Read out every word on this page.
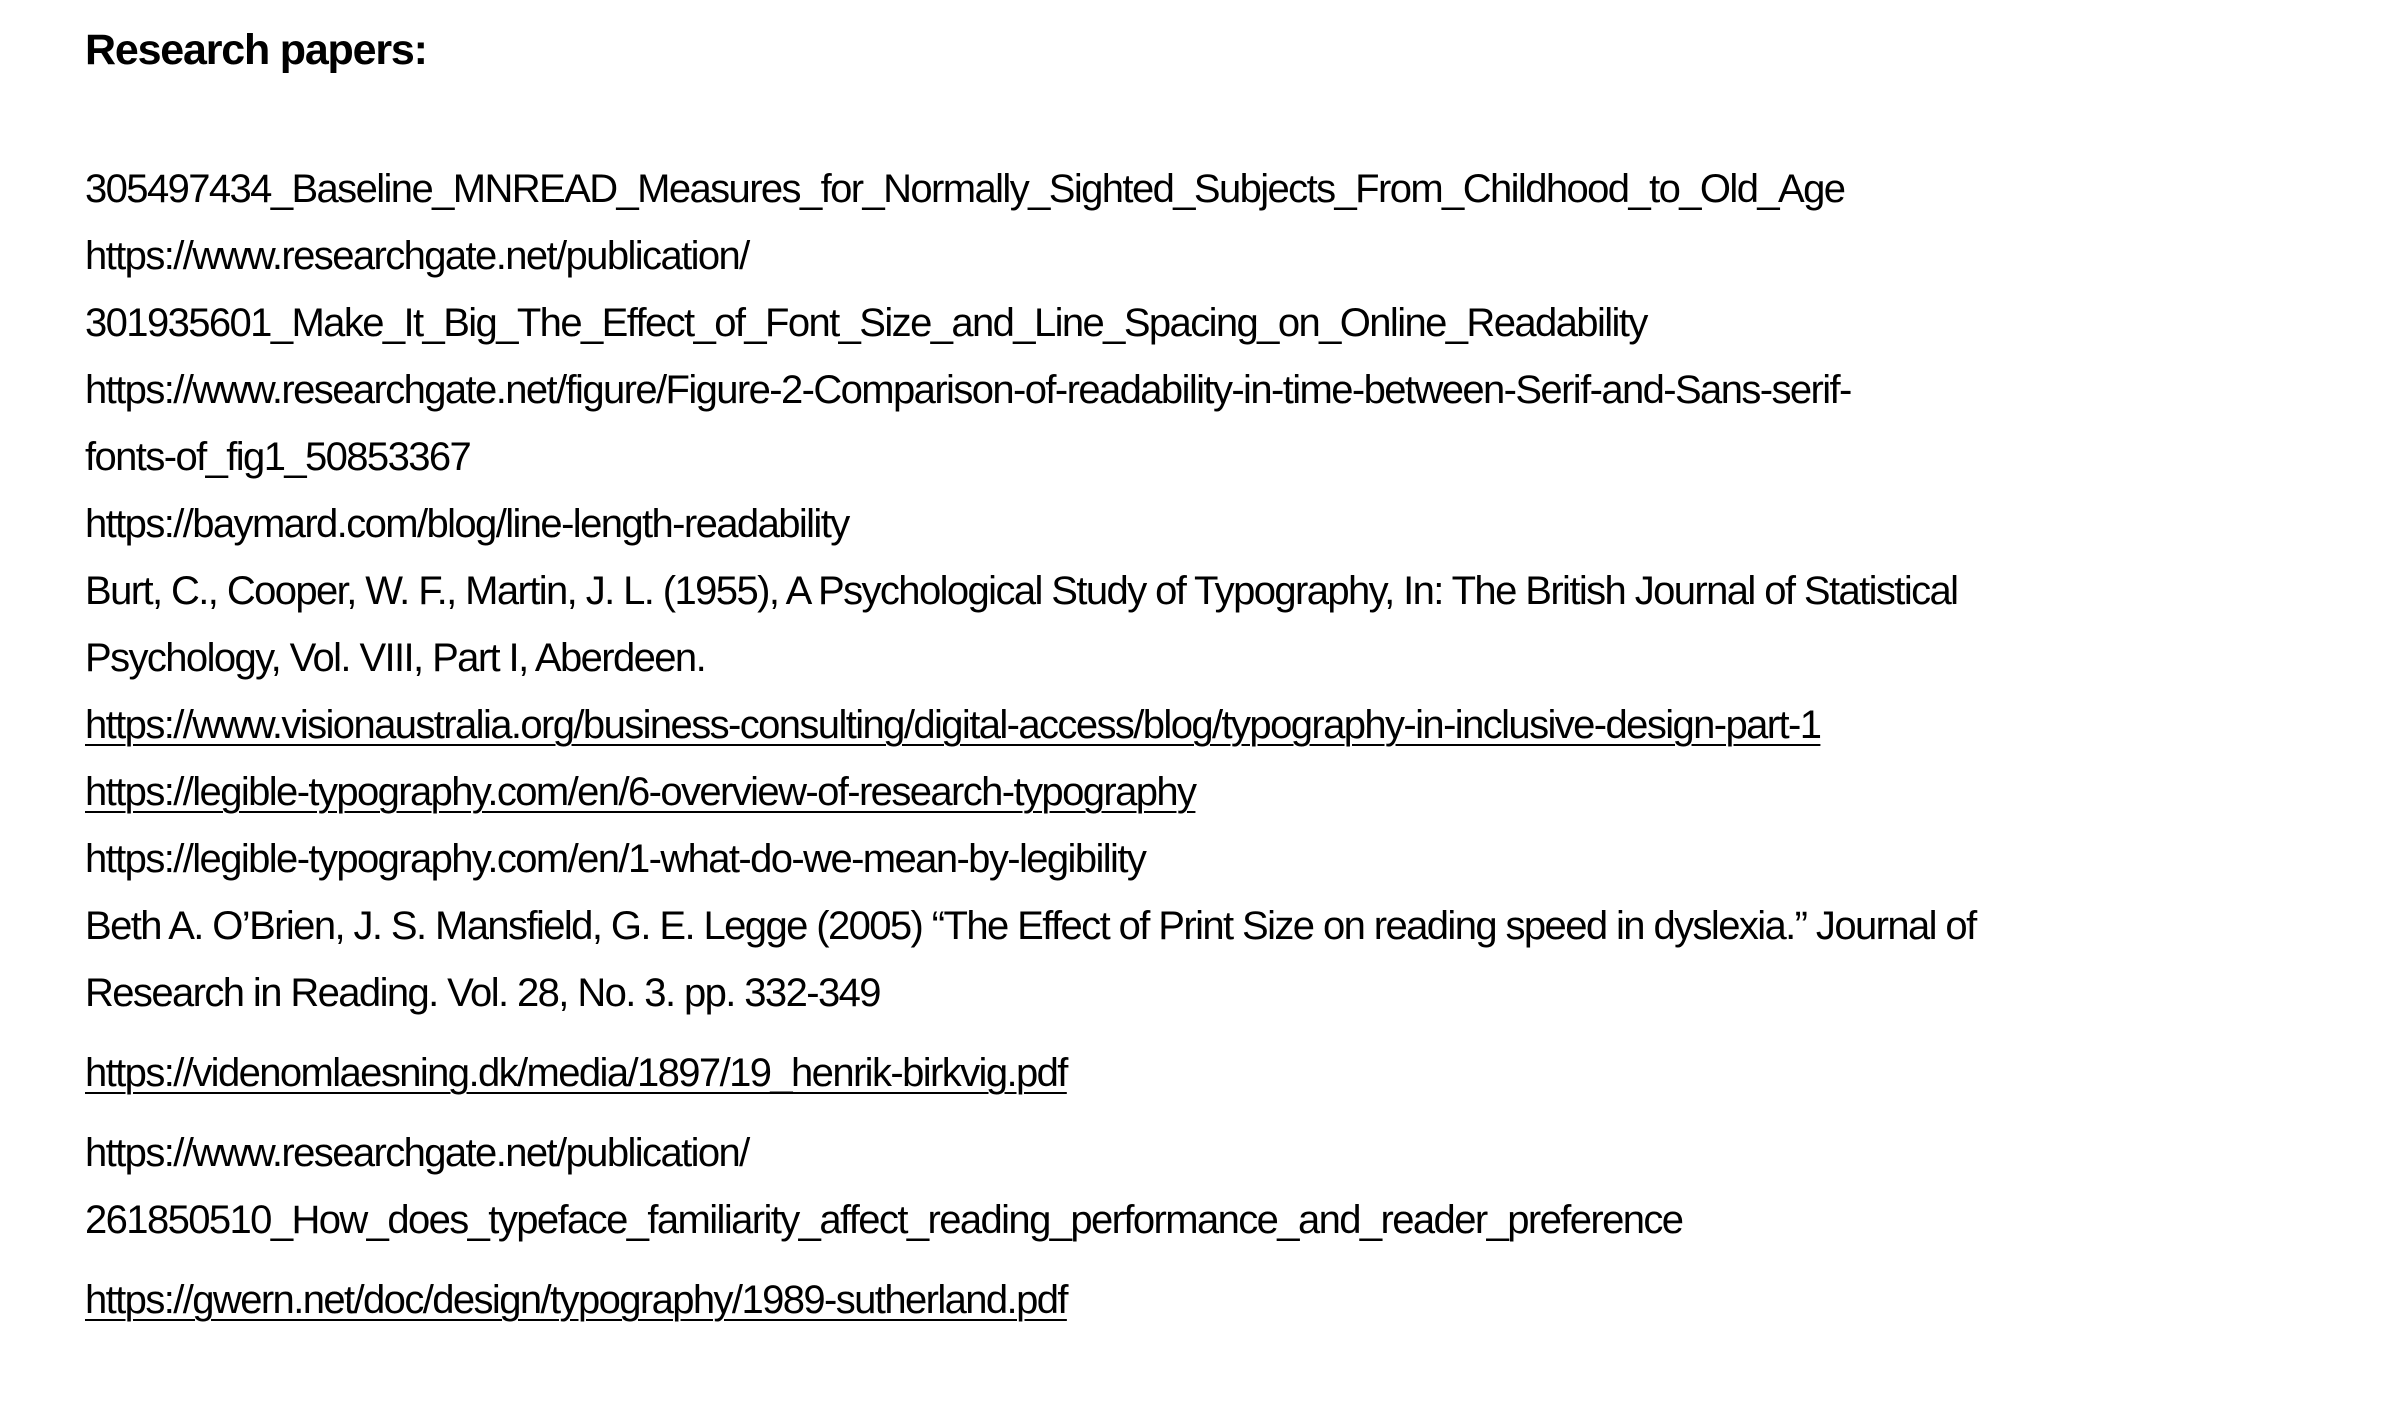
Research papers:

305497434_Baseline_MNREAD_Measures_for_Normally_Sighted_Subjects_From_Childhood_to_Old_Age
https://www.researchgate.net/publication/
301935601_Make_It_Big_The_Effect_of_Font_Size_and_Line_Spacing_on_Online_Readability

https://www.researchgate.net/figure/Figure-2-Comparison-of-readability-in-time-between-Serif-and-Sans-serif-
fonts-of_fig1_50853367

https://baymard.com/blog/line-length-readability

Burt, C., Cooper, W. F., Martin, J. L. (1955), A Psychological Study of Typography, In: The British Journal of Statistical
Psychology, Vol. VIII, Part I, Aberdeen.

https://www.visionaustralia.org/business-consulting/digital-access/blog/typography-in-inclusive-design-part-1
https://legible-typography.com/en/6-overview-of-research-typography

https://legible-typography.com/en/1-what-do-we-mean-by-legibility

Beth A. O’Brien, J. S. Mansfield, G. E. Legge (2005) “The Effect of Print Size on reading speed in dyslexia.” Journal of
Research in Reading. Vol. 28, No. 3. pp. 332-349

https://videnomlaesning.dk/media/1897/19_henrik-birkvig.pdf

https://www.researchgate.net/publication/
261850510_How_does_typeface_familiarity_affect_reading_performance_and_reader_preference

https://gwern.net/doc/design/typography/1989-sutherland.pdf
